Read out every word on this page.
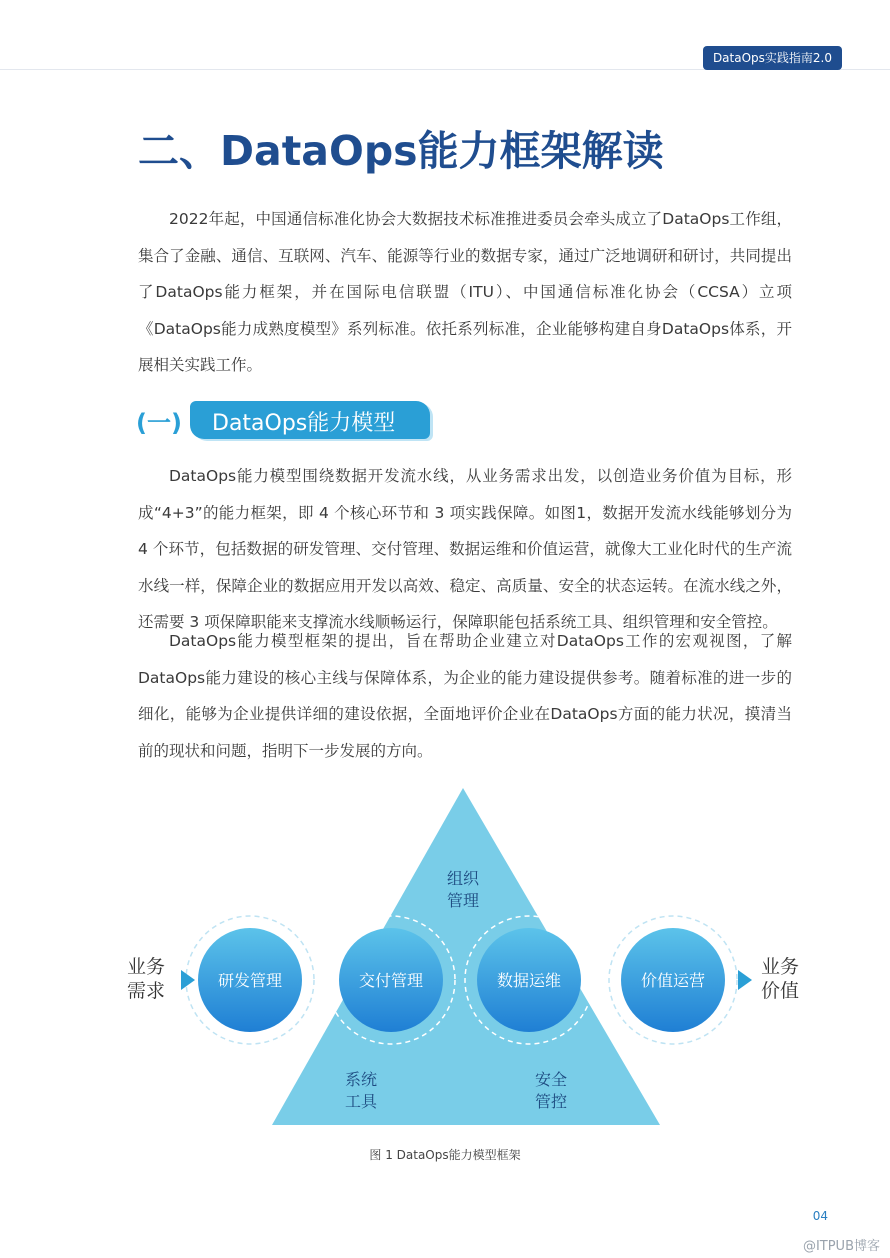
DataOps实践指南2.0
二、DataOps能力框架解读

2022年起，中国通信标准化协会大数据技术标准推进委员会牵头成立了DataOps工作组，集合了金融、通信、互联网、汽车、能源等行业的数据专家，通过广泛地调研和研讨，共同提出了DataOps能力框架，并在国际电信联盟（ITU）、中国通信标准化协会（CCSA）立项《DataOps能力成熟度模型》系列标准。依托系列标准，企业能够构建自身DataOps体系，开展相关实践工作。

(一) DataOps能力模型

DataOps能力模型围绕数据开发流水线，从业务需求出发，以创造业务价值为目标，形成“4+3”的能力框架，即 4 个核心环节和 3 项实践保障。如图1，数据开发流水线能够划分为 4 个环节，包括数据的研发管理、交付管理、数据运维和价值运营，就像大工业化时代的生产流水线一样，保障企业的数据应用开发以高效、稳定、高质量、安全的状态运转。在流水线之外，还需要 3 项保障职能来支撑流水线顺畅运行，保障职能包括系统工具、组织管理和安全管控。

DataOps能力模型框架的提出，旨在帮助企业建立对DataOps工作的宏观视图，了解DataOps能力建设的核心主线与保障体系，为企业的能力建设提供参考。随着标准的进一步的细化，能够为企业提供详细的建设依据，全面地评价企业在DataOps方面的能力状况，摸清当前的现状和问题，指明下一步发展的方向。

研发管理	交付管理	数据运维	价值运营
业务
需求
业务
价值
组织
管理
系统
工具
安全
管控
图 1 DataOps能力模型框架
04
@ITPUB博客
